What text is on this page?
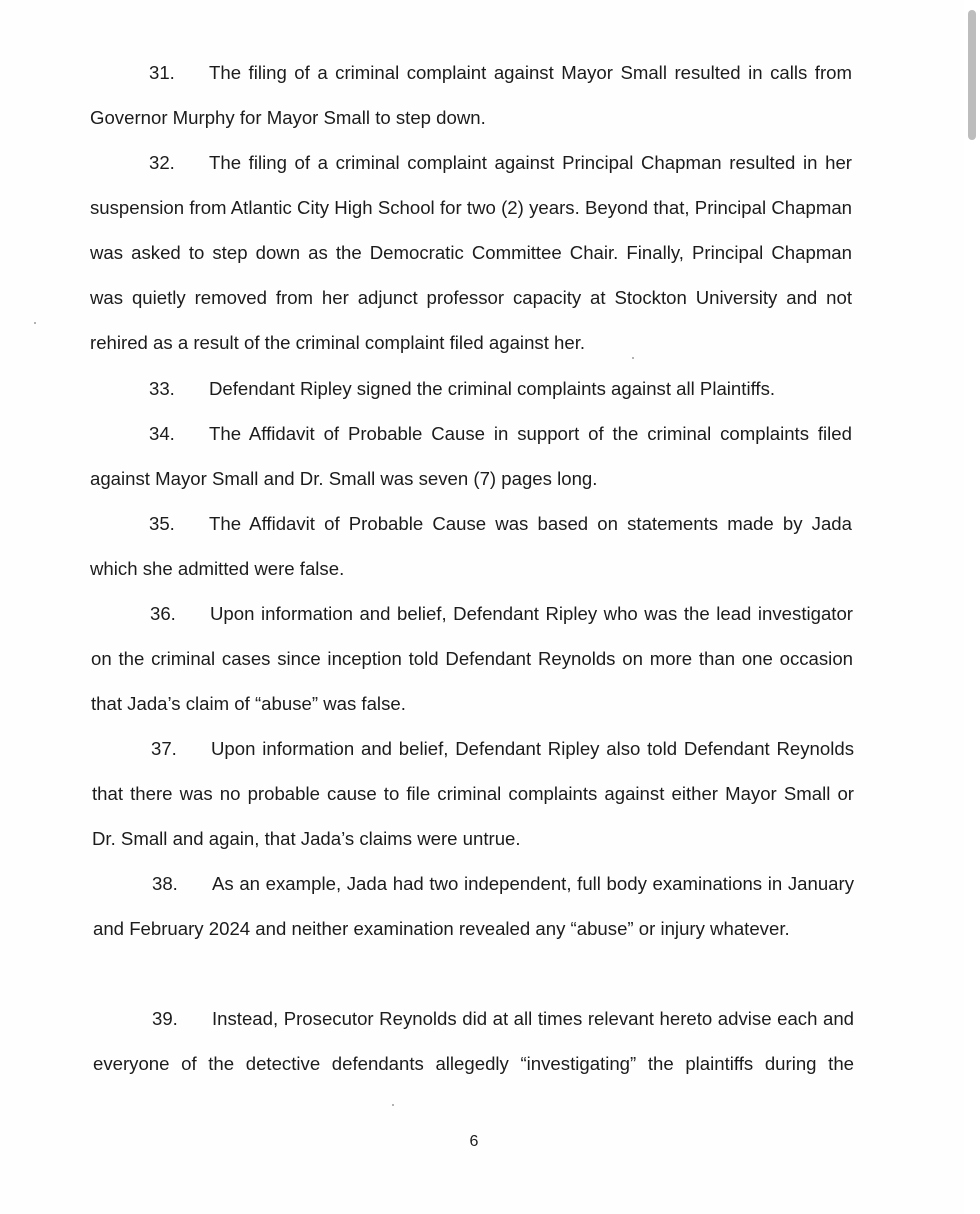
31. The filing of a criminal complaint against Mayor Small resulted in calls from Governor Murphy for Mayor Small to step down.

32. The filing of a criminal complaint against Principal Chapman resulted in her suspension from Atlantic City High School for two (2) years. Beyond that, Principal Chapman was asked to step down as the Democratic Committee Chair. Finally, Principal Chapman was quietly removed from her adjunct professor capacity at Stockton University and not rehired as a result of the criminal complaint filed against her.

33. Defendant Ripley signed the criminal complaints against all Plaintiffs.

34. The Affidavit of Probable Cause in support of the criminal complaints filed against Mayor Small and Dr. Small was seven (7) pages long.

35. The Affidavit of Probable Cause was based on statements made by Jada which she admitted were false.

36. Upon information and belief, Defendant Ripley who was the lead investigator on the criminal cases since inception told Defendant Reynolds on more than one occasion that Jada’s claim of “abuse” was false.

37. Upon information and belief, Defendant Ripley also told Defendant Reynolds that there was no probable cause to file criminal complaints against either Mayor Small or Dr. Small and again, that Jada’s claims were untrue.

38. As an example, Jada had two independent, full body examinations in January and February 2024 and neither examination revealed any “abuse” or injury whatever.

39. Instead, Prosecutor Reynolds did at all times relevant hereto advise each and everyone of the detective defendants allegedly “investigating” the plaintiffs during the

6
